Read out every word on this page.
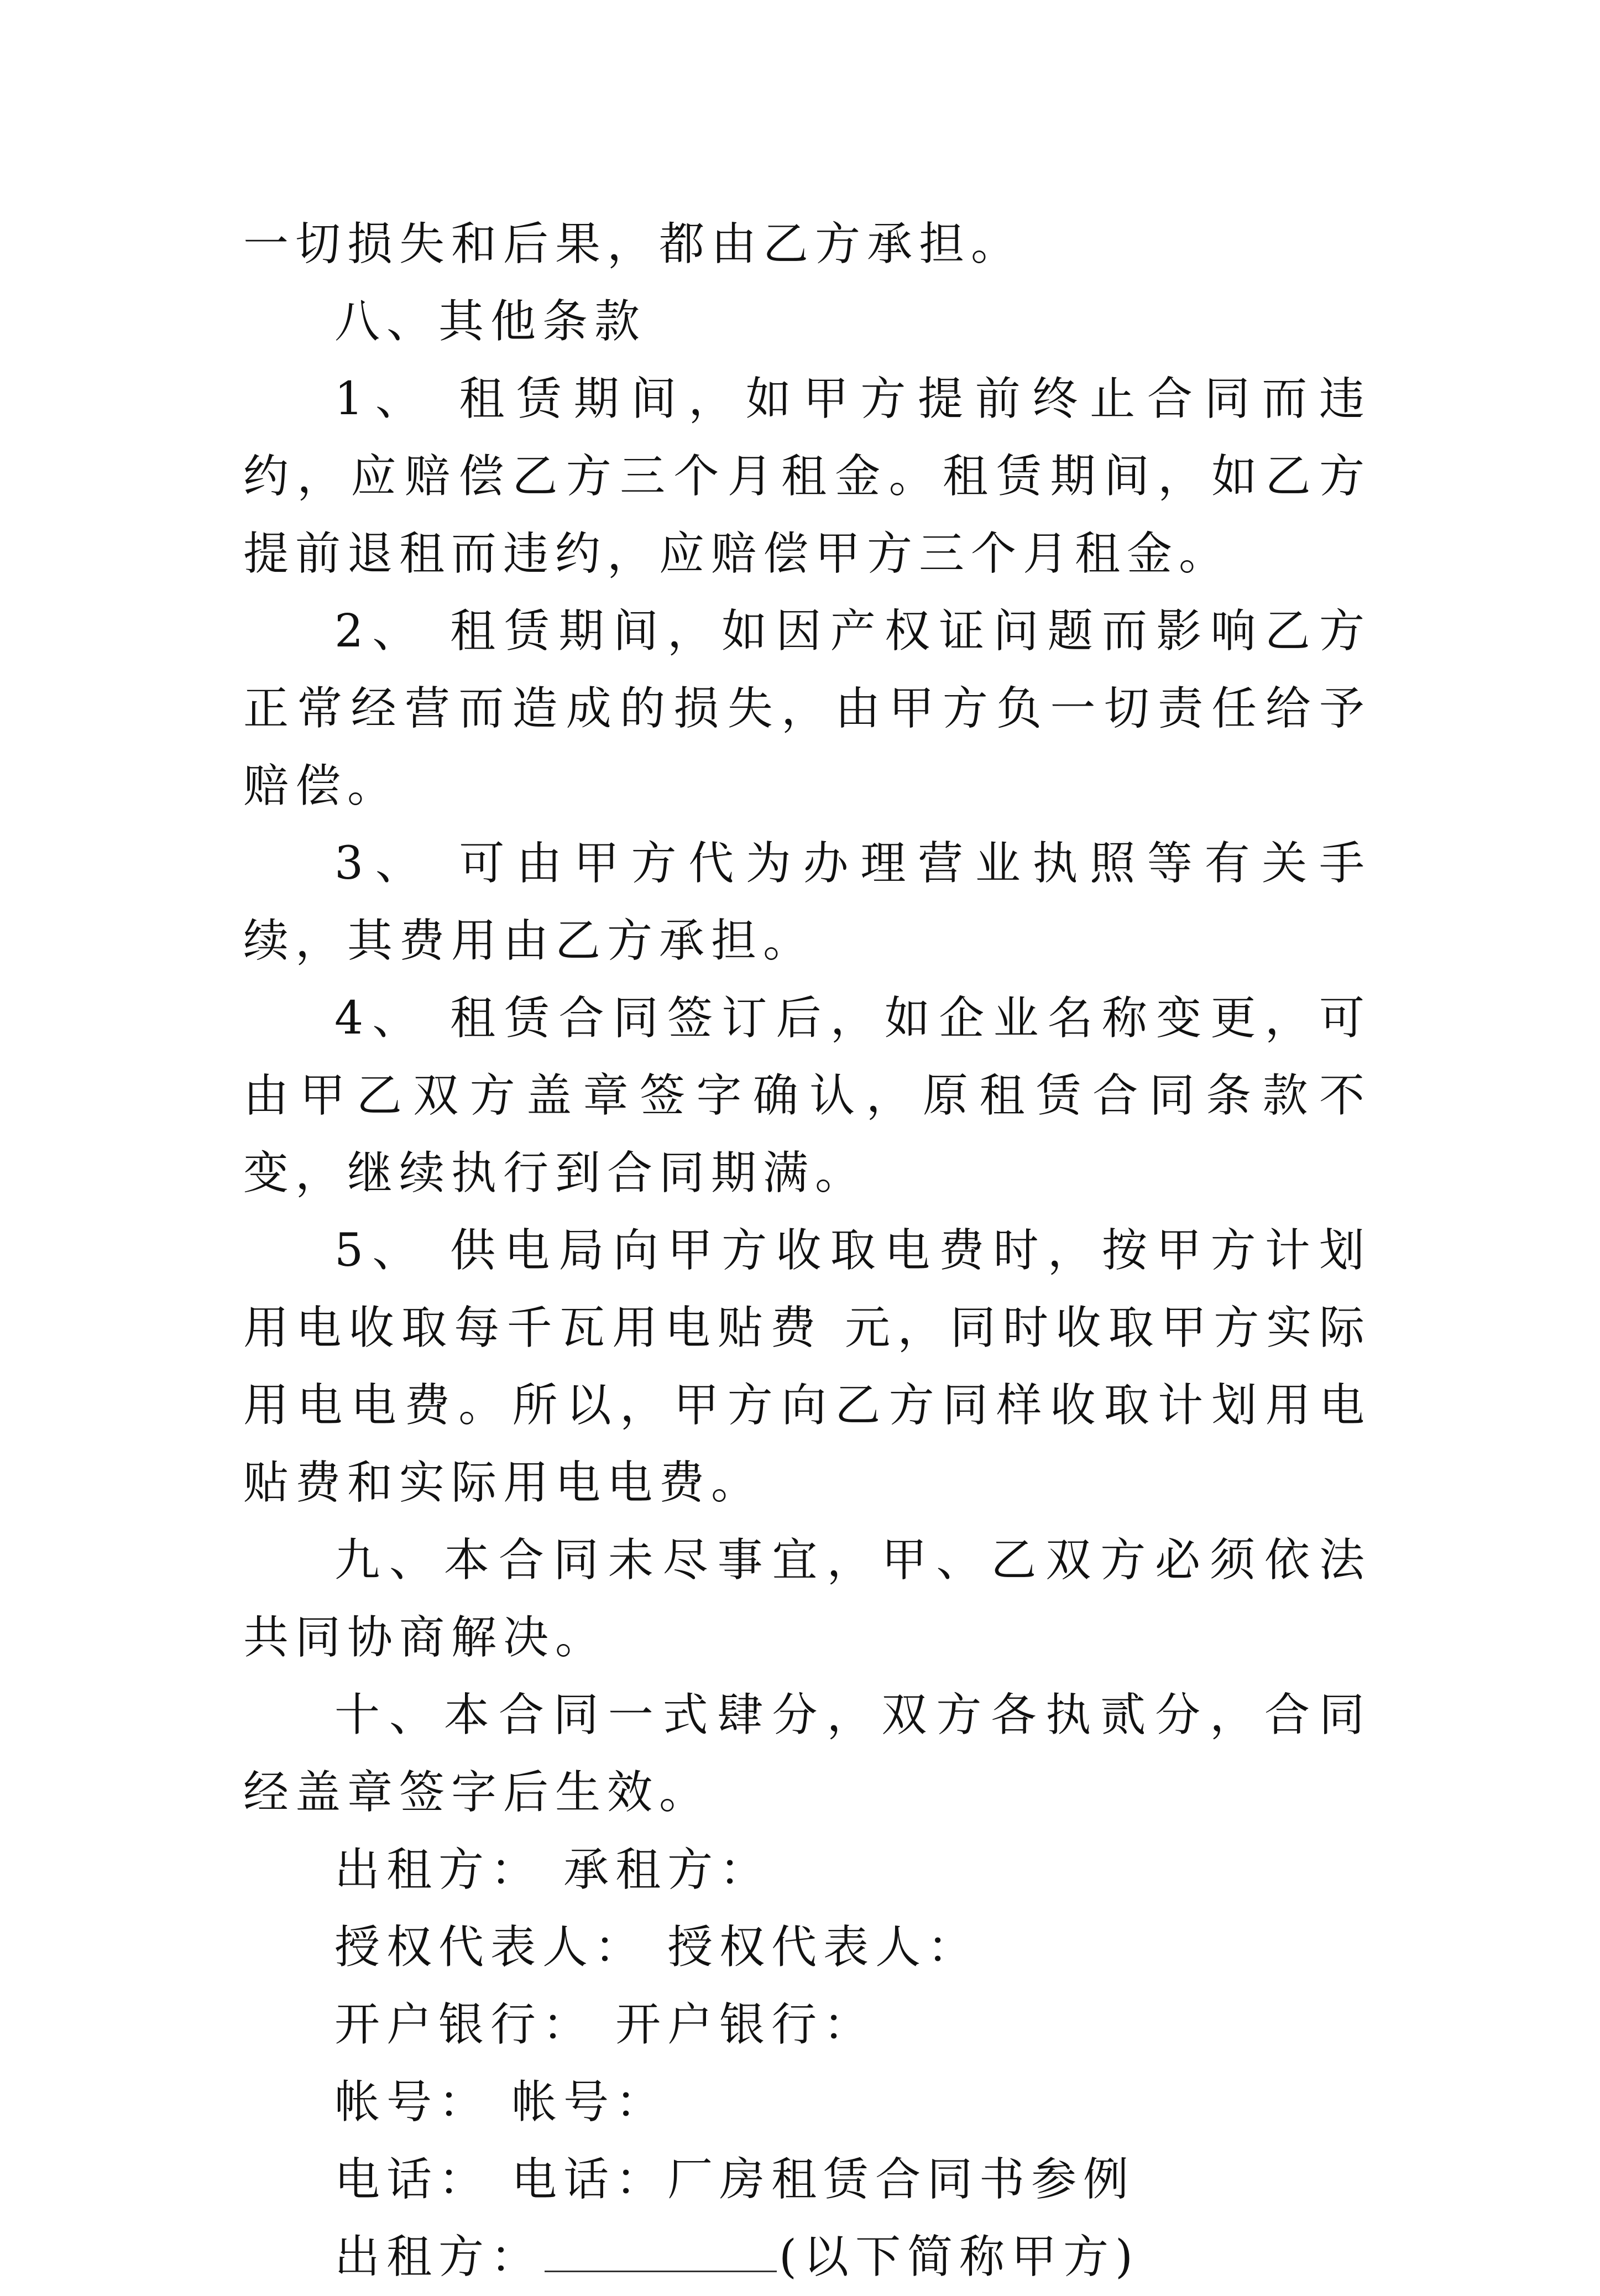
一切损失和后果，都由乙方承担。

八、其他条款

1、 租赁期间，如甲方提前终止合同而违约，应赔偿乙方三个月租金。租赁期间，如乙方提前退租而违约，应赔偿甲方三个月租金。

2、 租赁期间，如因产权证问题而影响乙方正常经营而造成的损失，由甲方负一切责任给予赔偿。

3、 可由甲方代为办理营业执照等有关手续，其费用由乙方承担。

4、 租赁合同签订后，如企业名称变更，可由甲乙双方盖章签字确认，原租赁合同条款不变，继续执行到合同期满。

5、 供电局向甲方收取电费时，按甲方计划用电收取每千瓦用电贴费 元，同时收取甲方实际用电电费。所以，甲方向乙方同样收取计划用电贴费和实际用电电费。

九、本合同未尽事宜，甲、乙双方必须依法共同协商解决。

十、本合同一式肆分，双方各执贰分，合同经盖章签字后生效。

出租方： 承租方：

授权代表人： 授权代表人：

开户银行： 开户银行：

帐号： 帐号：

电话： 电话：厂房租赁合同书参例

出租方：	(以下简称甲方)
